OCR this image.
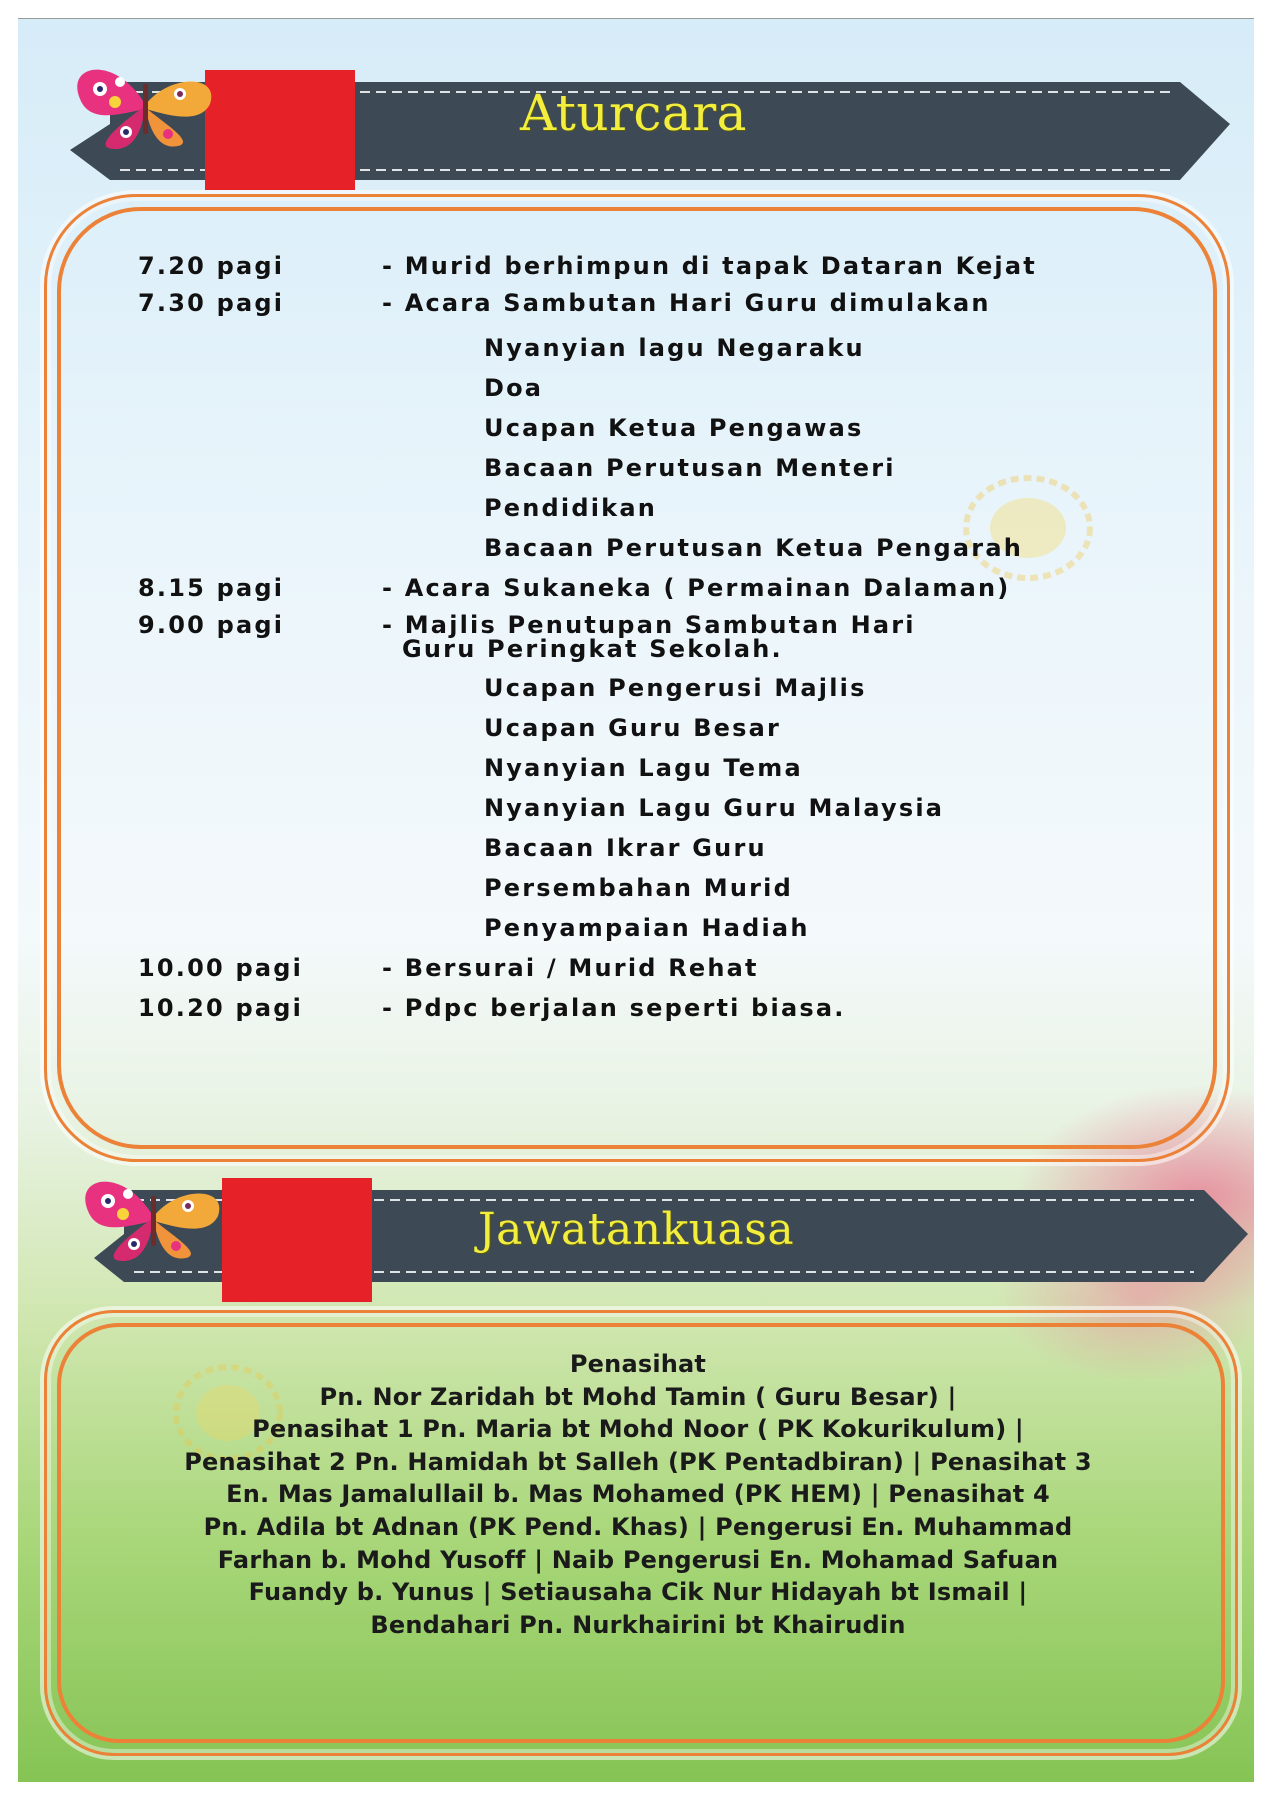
Aturcara
7.20 pagi	- Murid berhimpun di tapak Dataran Kejat
7.30 pagi	- Acara Sambutan Hari Guru dimulakan
Nyanyian lagu Negaraku
Doa
Ucapan Ketua Pengawas
Bacaan Perutusan Menteri
Pendidikan
Bacaan Perutusan Ketua Pengarah
8.15 pagi	- Acara Sukaneka ( Permainan Dalaman)
9.00 pagi	- Majlis Penutupan Sambutan Hari
Guru Peringkat Sekolah.
Ucapan Pengerusi Majlis
Ucapan Guru Besar
Nyanyian Lagu Tema
Nyanyian Lagu Guru Malaysia
Bacaan Ikrar Guru
Persembahan Murid
Penyampaian Hadiah
10.00 pagi	- Bersurai / Murid Rehat
10.20 pagi	- Pdpc berjalan seperti biasa.
Jawatankuasa
Penasihat
Pn. Nor Zaridah bt Mohd Tamin ( Guru Besar) |
Penasihat 1 Pn. Maria bt Mohd Noor ( PK Kokurikulum) |
Penasihat 2 Pn. Hamidah bt Salleh (PK Pentadbiran) | Penasihat 3
En. Mas Jamalullail b. Mas Mohamed (PK HEM) | Penasihat 4
Pn. Adila bt Adnan (PK Pend. Khas) | Pengerusi En. Muhammad
Farhan b. Mohd Yusoff | Naib Pengerusi En. Mohamad Safuan
Fuandy b. Yunus | Setiausaha Cik Nur Hidayah bt Ismail |
Bendahari Pn. Nurkhairini bt Khairudin
